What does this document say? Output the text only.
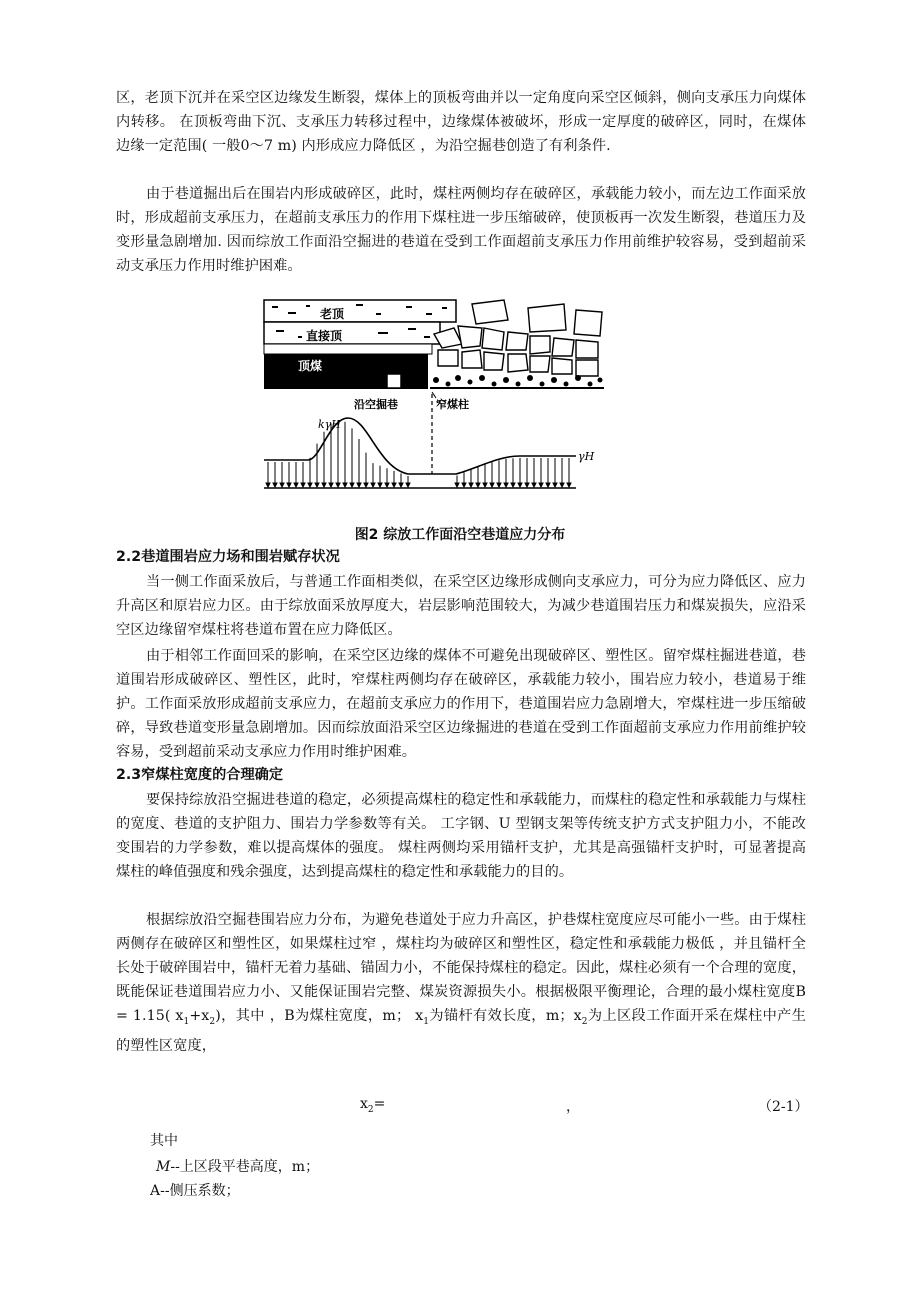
区，老顶下沉并在采空区边缘发生断裂，煤体上的顶板弯曲并以一定角度向采空区倾斜，侧向支承压力向煤体内转移。 在顶板弯曲下沉、支承压力转移过程中，边缘煤体被破坏，形成一定厚度的破碎区，同时，在煤体边缘一定范围( 一般0～7 m) 内形成应力降低区 ，为沿空掘巷创造了有利条件.

由于巷道掘出后在围岩内形成破碎区，此时，煤柱两侧均存在破碎区，承载能力较小，而左边工作面采放时，形成超前支承压力，在超前支承压力的作用下煤柱进一步压缩破碎，使顶板再一次发生断裂，巷道压力及变形量急剧增加. 因而综放工作面沿空掘进的巷道在受到工作面超前支承压力作用前维护较容易，受到超前采动支承压力作用时维护困难。

老顶
直接顶
顶煤
沿空掘巷	窄煤柱
kγH
γH
图2 综放工作面沿空巷道应力分布

2.2巷道围岩应力场和围岩赋存状况

当一侧工作面采放后，与普通工作面相类似，在采空区边缘形成侧向支承应力，可分为应力降低区、应力升高区和原岩应力区。由于综放面采放厚度大，岩层影响范围较大，为减少巷道围岩压力和煤炭损失，应沿采空区边缘留窄煤柱将巷道布置在应力降低区。

由于相邻工作面回采的影响，在采空区边缘的煤体不可避免出现破碎区、塑性区。留窄煤柱掘进巷道，巷道围岩形成破碎区、塑性区，此时，窄煤柱两侧均存在破碎区，承载能力较小，围岩应力较小，巷道易于维护。工作面采放形成超前支承应力，在超前支承应力的作用下，巷道围岩应力急剧增大，窄煤柱进一步压缩破碎，导致巷道变形量急剧增加。因而综放面沿采空区边缘掘进的巷道在受到工作面超前支承应力作用前维护较容易，受到超前采动支承应力作用时维护困难。

2.3窄煤柱宽度的合理确定

要保持综放沿空掘进巷道的稳定，必须提高煤柱的稳定性和承载能力，而煤柱的稳定性和承载能力与煤柱的宽度、巷道的支护阻力、围岩力学参数等有关。 工字钢、U 型钢支架等传统支护方式支护阻力小，不能改变围岩的力学参数，难以提高煤体的强度。 煤柱两侧均采用锚杆支护，尤其是高强锚杆支护时，可显著提高煤柱的峰值强度和残余强度，达到提高煤柱的稳定性和承载能力的目的。

根据综放沿空掘巷围岩应力分布，为避免巷道处于应力升高区，护巷煤柱宽度应尽可能小一些。由于煤柱两侧存在破碎区和塑性区，如果煤柱过窄 ，煤柱均为破碎区和塑性区，稳定性和承载能力极低 ，并且锚杆全长处于破碎围岩中，锚杆无着力基础、锚固力小，不能保持煤柱的稳定。因此，煤柱必须有一个合理的宽度，既能保证巷道围岩应力小、又能保证围岩完整、煤炭资源损失小。根据极限平衡理论，合理的最小煤柱宽度B = 1.15( $x_1+x_2$)，其中 ，B为煤柱宽度，m； $x_1$为锚杆有效长度，m；$x_2$为上区段工作面开采在煤柱中产生的塑性区宽度，

$x_2=$	，	（2-1）
其中
M--上区段平巷高度，m；
A--侧压系数；
